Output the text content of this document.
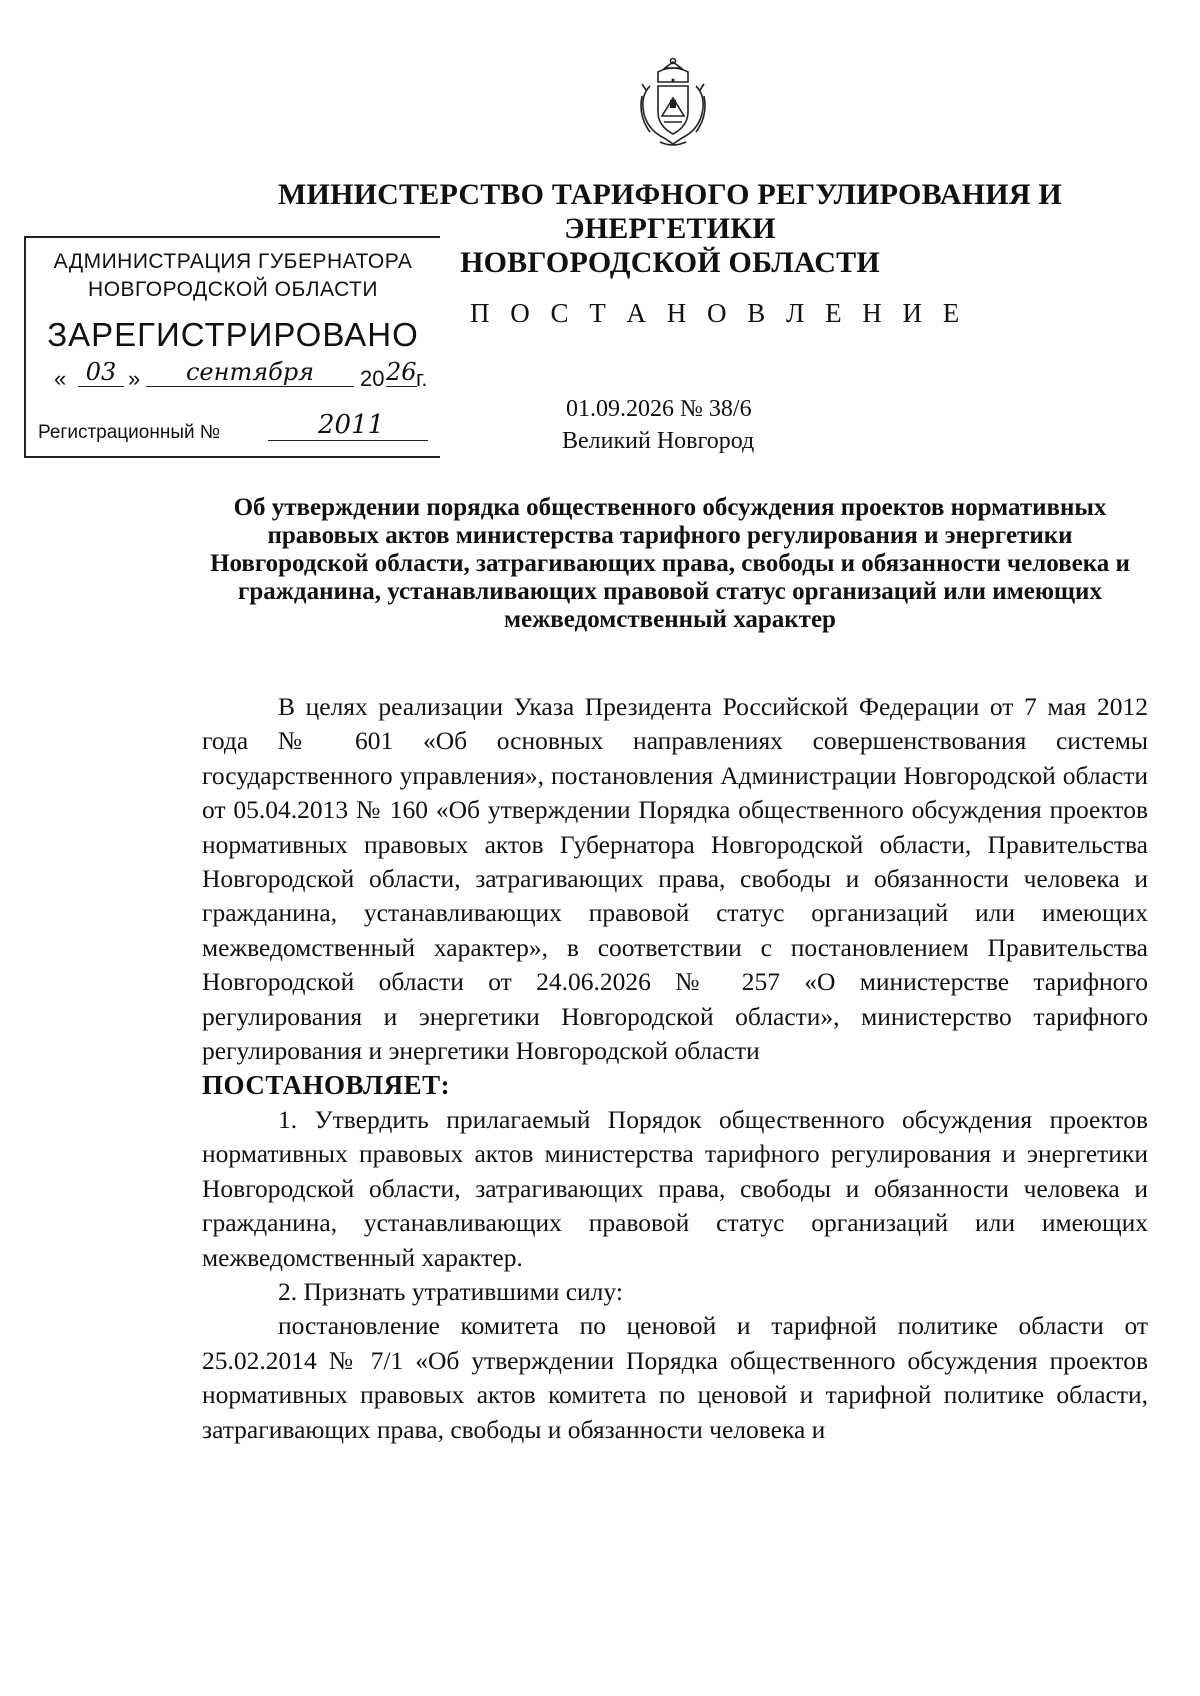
МИНИСТЕРСТВО ТАРИФНОГО РЕГУЛИРОВАНИЯ И ЭНЕРГЕТИКИ
НОВГОРОДСКОЙ ОБЛАСТИ
АДМИНИСТРАЦИЯ ГУБЕРНАТОРА
НОВГОРОДСКОЙ ОБЛАСТИ
ЗАРЕГИСТРИРОВАНО
« 03 »	сентября	20 26 г.
Регистрационный №	2011
П О С Т А Н О В Л Е Н И Е
01.09.2026 № 38/6
Великий Новгород
Об утверждении порядка общественного обсуждения проектов нормативных правовых актов министерства тарифного регулирования и энергетики Новгородской области, затрагивающих права, свободы и обязанности человека и гражданина, устанавливающих правовой статус организаций или имеющих межведомственный характер

В целях реализации Указа Президента Российской Федерации от 7 мая 2012 года № 601 «Об основных направлениях совершенствования системы государственного управления», постановления Администрации Новгородской области от 05.04.2013 № 160 «Об утверждении Порядка общественного обсуждения проектов нормативных правовых актов Губернатора Новгородской области, Правительства Новгородской области, затрагивающих права, свободы и обязанности человека и гражданина, устанавливающих правовой статус организаций или имеющих межведомственный характер», в соответствии с постановлением Правительства Новгородской области от 24.06.2026 № 257 «О министерстве тарифного регулирования и энергетики Новгородской области», министерство тарифного регулирования и энергетики Новгородской области

ПОСТАНОВЛЯЕТ:

1. Утвердить прилагаемый Порядок общественного обсуждения проектов нормативных правовых актов министерства тарифного регулирования и энергетики Новгородской области, затрагивающих права, свободы и обязанности человека и гражданина, устанавливающих правовой статус организаций или имеющих межведомственный характер.

2. Признать утратившими силу:

постановление комитета по ценовой и тарифной политике области от 25.02.2014 № 7/1 «Об утверждении Порядка общественного обсуждения проектов нормативных правовых актов комитета по ценовой и тарифной политике области, затрагивающих права, свободы и обязанности человека и
